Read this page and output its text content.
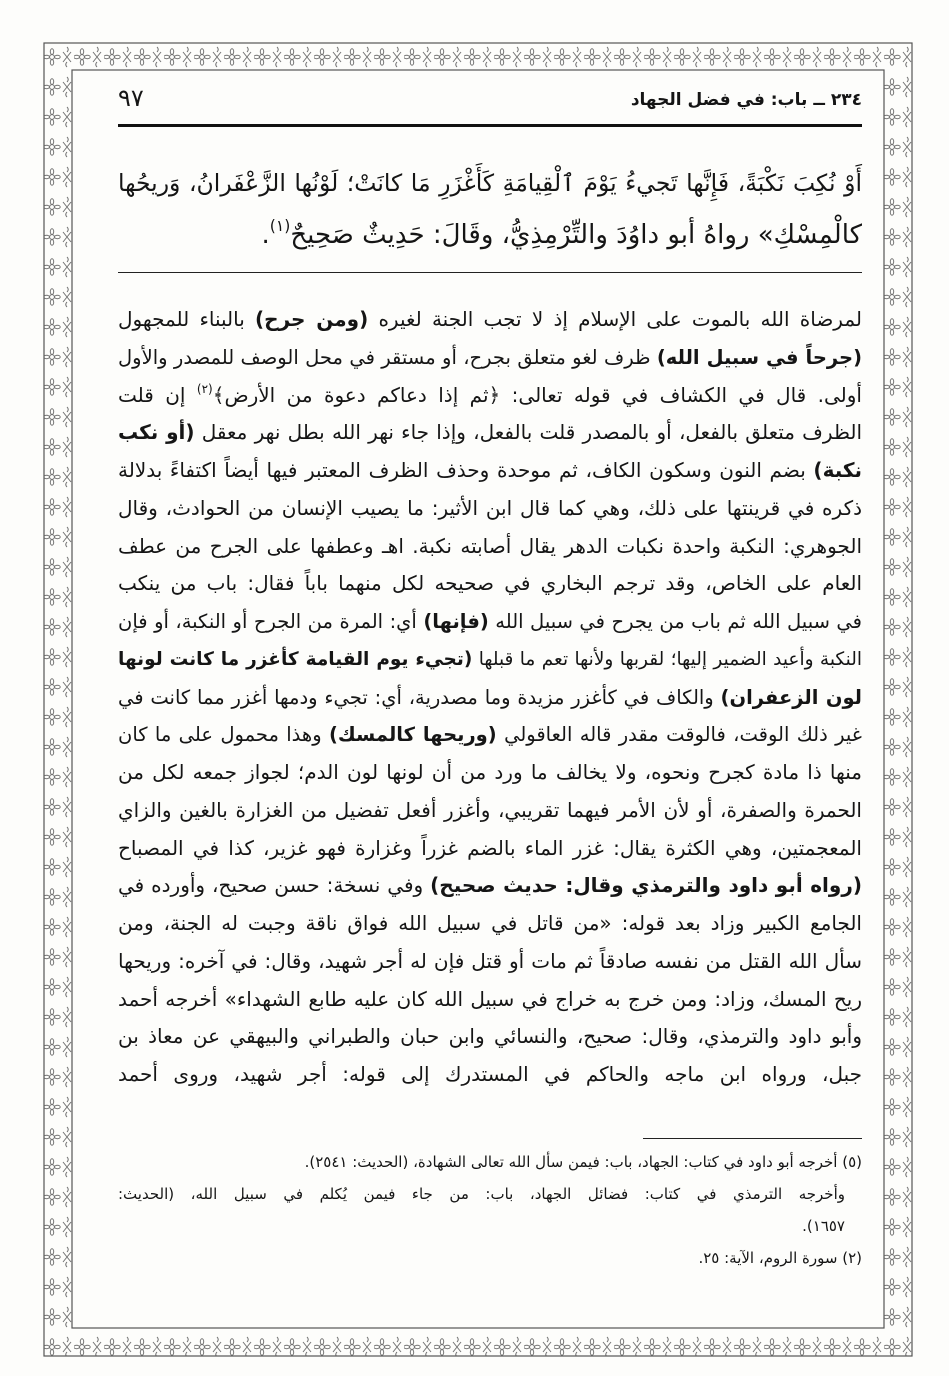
٢٣٤ ــ باب: في فضل الجهاد
٩٧
أَوْ نُكِبَ نَكْبَةً، فَإِنَّها تَجيءُ يَوْمَ ٱلْقِيامَةِ كَأَغْزَرِ مَا كانَتْ؛ لَوْنُها الزَّعْفَرانُ، وَريحُها
كالْمِسْكِ» رواهُ أبو داوُدَ والتِّرْمِذِيُّ، وقَالَ: حَدِيثٌ صَحِيحٌ$^{(١)}$.
لمرضاة الله بالموت على الإسلام إذ لا تجب الجنة لغيره (ومن جرح) بالبناء للمجهول
(جرحاً في سبيل الله) ظرف لغو متعلق بجرح، أو مستقر في محل الوصف للمصدر والأول
أولى. قال في الكشاف في قوله تعالى: ﴿ثم إذا دعاكم دعوة من الأرض﴾$^{(٢)}$ إن قلت
الظرف متعلق بالفعل، أو بالمصدر قلت بالفعل، وإذا جاء نهر الله بطل نهر معقل (أو نكب
نكبة) بضم النون وسكون الكاف، ثم موحدة وحذف الظرف المعتبر فيها أيضاً اكتفاءً بدلالة
ذكره في قرينتها على ذلك، وهي كما قال ابن الأثير: ما يصيب الإنسان من الحوادث، وقال
الجوهري: النكبة واحدة نكبات الدهر يقال أصابته نكبة. اهـ وعطفها على الجرح من عطف
العام على الخاص، وقد ترجم البخاري في صحيحه لكل منهما باباً فقال: باب من ينكب
في سبيل الله ثم باب من يجرح في سبيل الله (فإنها) أي: المرة من الجرح أو النكبة، أو فإن
النكبة وأعيد الضمير إليها؛ لقربها ولأنها تعم ما قبلها (تجيء يوم القيامة كأغزر ما كانت لونها
لون الزعفران) والكاف في كأغزر مزيدة وما مصدرية، أي: تجيء ودمها أغزر مما كانت في
غير ذلك الوقت، فالوقت مقدر قاله العاقولي (وريحها كالمسك) وهذا محمول على ما كان
منها ذا مادة كجرح ونحوه، ولا يخالف ما ورد من أن لونها لون الدم؛ لجواز جمعه لكل من
الحمرة والصفرة، أو لأن الأمر فيهما تقريبي، وأغزر أفعل تفضيل من الغزارة بالغين والزاي
المعجمتين، وهي الكثرة يقال: غزر الماء بالضم غزراً وغزارة فهو غزير، كذا في المصباح
(رواه أبو داود والترمذي وقال: حديث صحيح) وفي نسخة: حسن صحيح، وأورده في
الجامع الكبير وزاد بعد قوله: «من قاتل في سبيل الله فواق ناقة وجبت له الجنة، ومن
سأل الله القتل من نفسه صادقاً ثم مات أو قتل فإن له أجر شهيد، وقال: في آخره: وريحها
ريح المسك، وزاد: ومن خرج به خراج في سبيل الله كان عليه طابع الشهداء» أخرجه أحمد
وأبو داود والترمذي، وقال: صحيح، والنسائي وابن حبان والطبراني والبيهقي عن معاذ بن
جبل، ورواه ابن ماجه والحاكم في المستدرك إلى قوله: أجر شهيد، وروى أحمد
(٥) أخرجه أبو داود في كتاب: الجهاد، باب: فيمن سأل الله تعالى الشهادة، (الحديث: ٢٥٤١).
وأخرجه الترمذي في كتاب: فضائل الجهاد، باب: من جاء فيمن يُكلم في سبيل الله، (الحديث:
١٦٥٧).
(٢) سورة الروم، الآية: ٢٥.
